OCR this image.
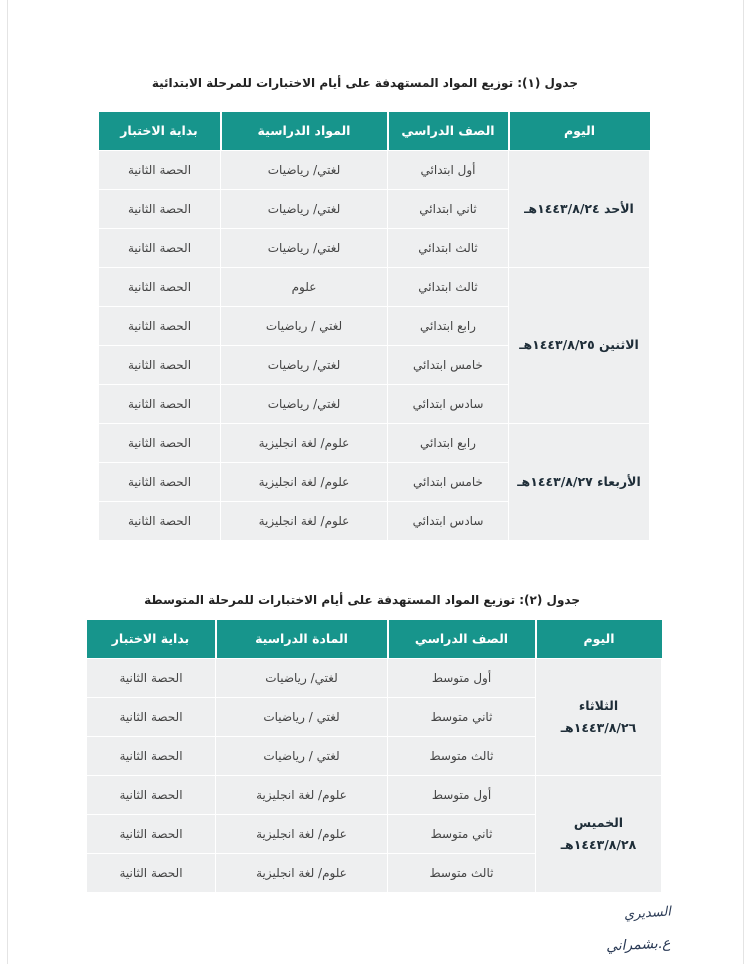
جدول (١): توزيع المواد المستهدفة على أيام الاختبارات للمرحلة الابتدائية
اليوم	الصف الدراسي	المواد الدراسية	بداية الاختبار
الأحد ١٤٤٣/٨/٢٤هـ	أول ابتدائي	لغتي/ رياضيات	الحصة الثانية
	ثاني ابتدائي	لغتي/ رياضيات	الحصة الثانية
	ثالث ابتدائي	لغتي/ رياضيات	الحصة الثانية
الاثنين ١٤٤٣/٨/٢٥هـ	ثالث ابتدائي	علوم	الحصة الثانية
	رابع ابتدائي	لغتي / رياضيات	الحصة الثانية
	خامس ابتدائي	لغتي/ رياضيات	الحصة الثانية
	سادس ابتدائي	لغتي/ رياضيات	الحصة الثانية
الأربعاء ١٤٤٣/٨/٢٧هـ	رابع ابتدائي	علوم/ لغة انجليزية	الحصة الثانية
	خامس ابتدائي	علوم/ لغة انجليزية	الحصة الثانية
	سادس ابتدائي	علوم/ لغة انجليزية	الحصة الثانية
جدول (٢): توزيع المواد المستهدفة على أيام الاختبارات للمرحلة المتوسطة
اليوم	الصف الدراسي	المادة الدراسية	بداية الاختبار

الثلاثاء
١٤٤٣/٨/٢٦هـ	أول متوسط	لغتي/ رياضيات	الحصة الثانية
	ثاني متوسط	لغتي / رياضيات	الحصة الثانية
	ثالث متوسط	لغتي / رياضيات	الحصة الثانية

الخميس
١٤٤٣/٨/٢٨هـ	أول متوسط	علوم/ لغة انجليزية	الحصة الثانية
	ثاني متوسط	علوم/ لغة انجليزية	الحصة الثانية
	ثالث متوسط	علوم/ لغة انجليزية	الحصة الثانية
السديري
ع.بشمراني
